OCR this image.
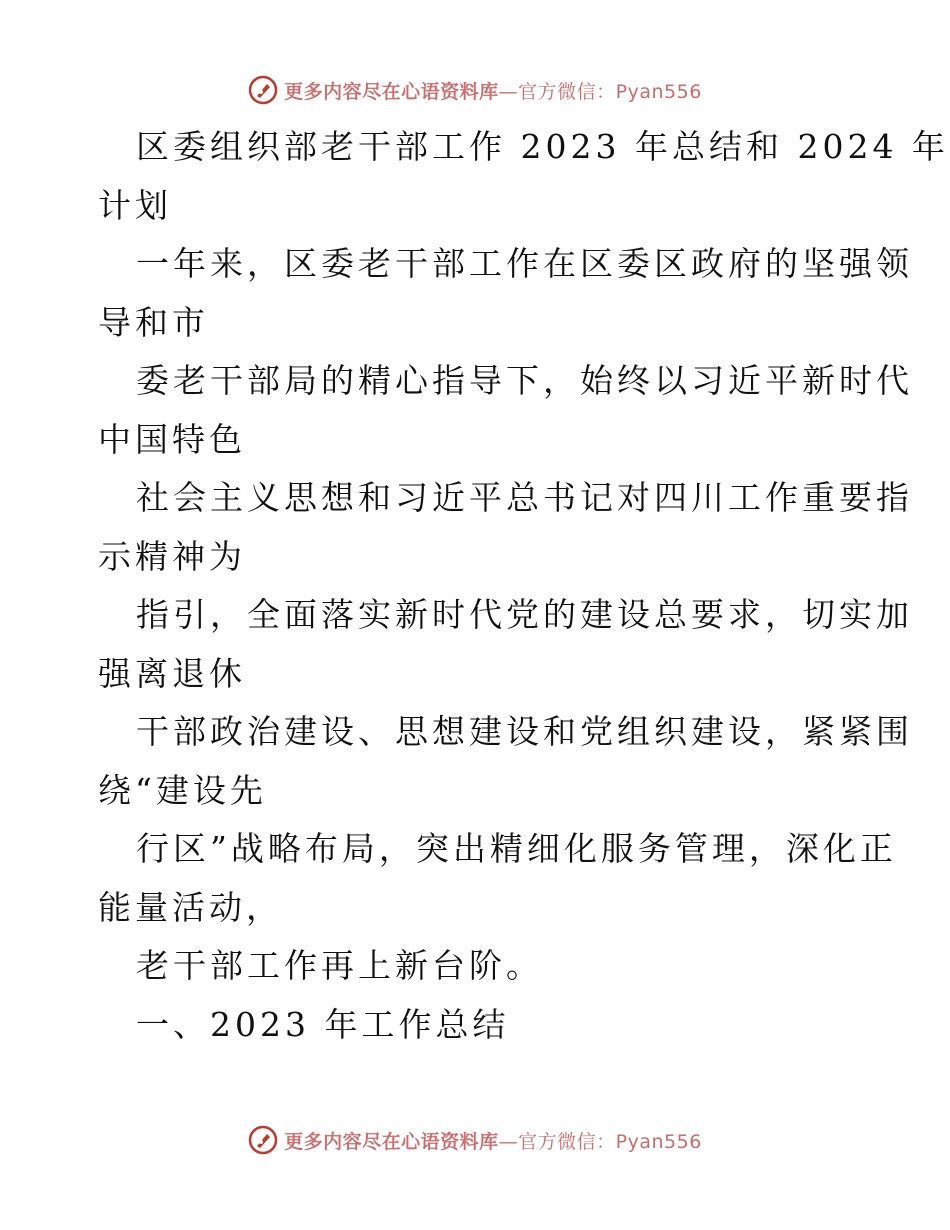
更多内容尽在心语资料库—官方微信：Pyan556
区委组织部老干部工作 2023 年总结和 2024 年
计划
一年来，区委老干部工作在区委区政府的坚强领
导和市
委老干部局的精心指导下，始终以习近平新时代
中国特色
社会主义思想和习近平总书记对四川工作重要指
示精神为
指引，全面落实新时代党的建设总要求，切实加
强离退休
干部政治建设、思想建设和党组织建设，紧紧围
绕“建设先
行区”战略布局，突出精细化服务管理，深化正
能量活动，
老干部工作再上新台阶。
一、2023 年工作总结
更多内容尽在心语资料库—官方微信：Pyan556
